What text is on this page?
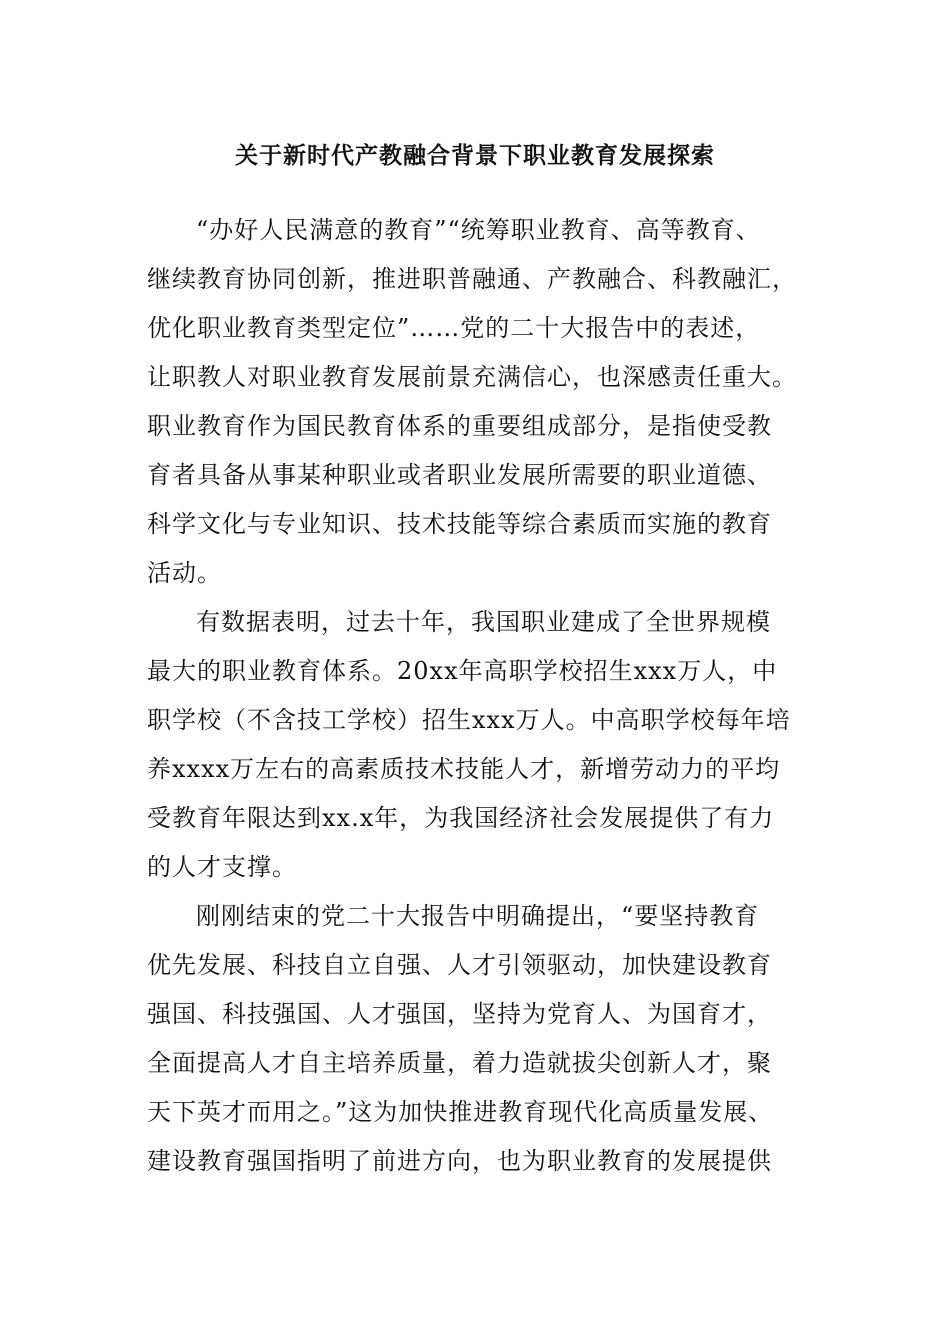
关于新时代产教融合背景下职业教育发展探索
“办好人民满意的教育”“统筹职业教育、高等教育、
继续教育协同创新，推进职普融通、产教融合、科教融汇，
优化职业教育类型定位”……党的二十大报告中的表述，
让职教人对职业教育发展前景充满信心，也深感责任重大。
职业教育作为国民教育体系的重要组成部分，是指使受教
育者具备从事某种职业或者职业发展所需要的职业道德、
科学文化与专业知识、技术技能等综合素质而实施的教育
活动。
有数据表明，过去十年，我国职业建成了全世界规模
最大的职业教育体系。20xx年高职学校招生xxx万人，中
职学校（不含技工学校）招生xxx万人。中高职学校每年培
养xxxx万左右的高素质技术技能人才，新增劳动力的平均
受教育年限达到xx.x年，为我国经济社会发展提供了有力
的人才支撑。
刚刚结束的党二十大报告中明确提出，“要坚持教育
优先发展、科技自立自强、人才引领驱动，加快建设教育
强国、科技强国、人才强国，坚持为党育人、为国育才，
全面提高人才自主培养质量，着力造就拔尖创新人才，聚
天下英才而用之。”这为加快推进教育现代化高质量发展、
建设教育强国指明了前进方向，也为职业教育的发展提供
